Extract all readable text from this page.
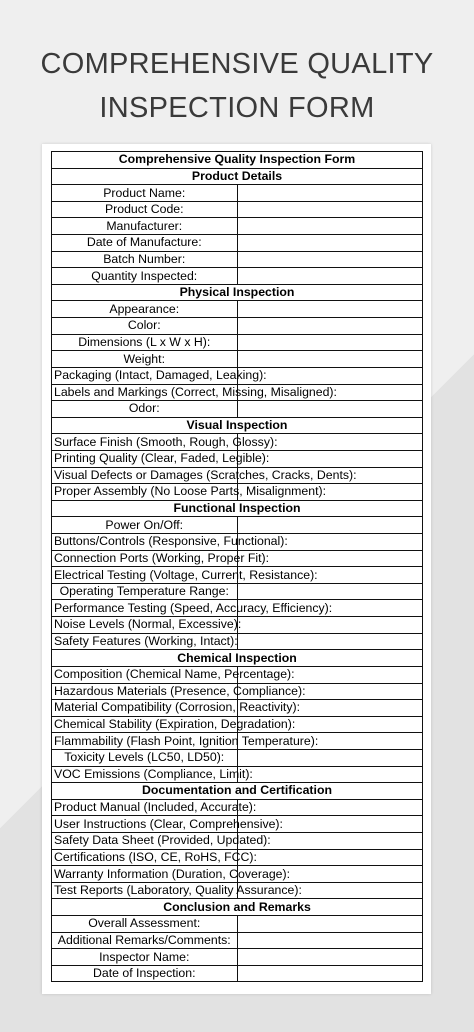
COMPREHENSIVE QUALITY
INSPECTION FORM
Comprehensive Quality Inspection Form	
Product Details	
Product Name:	
Product Code:	
Manufacturer:	
Date of Manufacture:	
Batch Number:	
Quantity Inspected:	
Physical Inspection	
Appearance:	
Color:	
Dimensions (L x W x H):	
Weight:	
Packaging (Intact, Damaged, Leaking):	
Labels and Markings (Correct, Missing, Misaligned):	
Odor:	
Visual Inspection	
Surface Finish (Smooth, Rough, Glossy):	
Printing Quality (Clear, Faded, Legible):	
Visual Defects or Damages (Scratches, Cracks, Dents):	
Proper Assembly (No Loose Parts, Misalignment):	
Functional Inspection	
Power On/Off:	
Buttons/Controls (Responsive, Functional):	
Connection Ports (Working, Proper Fit):	
Electrical Testing (Voltage, Current, Resistance):	
Operating Temperature Range:	
Performance Testing (Speed, Accuracy, Efficiency):	
Noise Levels (Normal, Excessive):	
Safety Features (Working, Intact):	
Chemical Inspection	
Composition (Chemical Name, Percentage):	
Hazardous Materials (Presence, Compliance):	
Material Compatibility (Corrosion, Reactivity):	
Chemical Stability (Expiration, Degradation):	
Flammability (Flash Point, Ignition Temperature):	
Toxicity Levels (LC50, LD50):	
VOC Emissions (Compliance, Limit):	
Documentation and Certification	
Product Manual (Included, Accurate):	
User Instructions (Clear, Comprehensive):	
Safety Data Sheet (Provided, Updated):	
Certifications (ISO, CE, RoHS, FCC):	
Warranty Information (Duration, Coverage):	
Test Reports (Laboratory, Quality Assurance):	
Conclusion and Remarks	
Overall Assessment:	
Additional Remarks/Comments:	
Inspector Name:	
Date of Inspection:	
